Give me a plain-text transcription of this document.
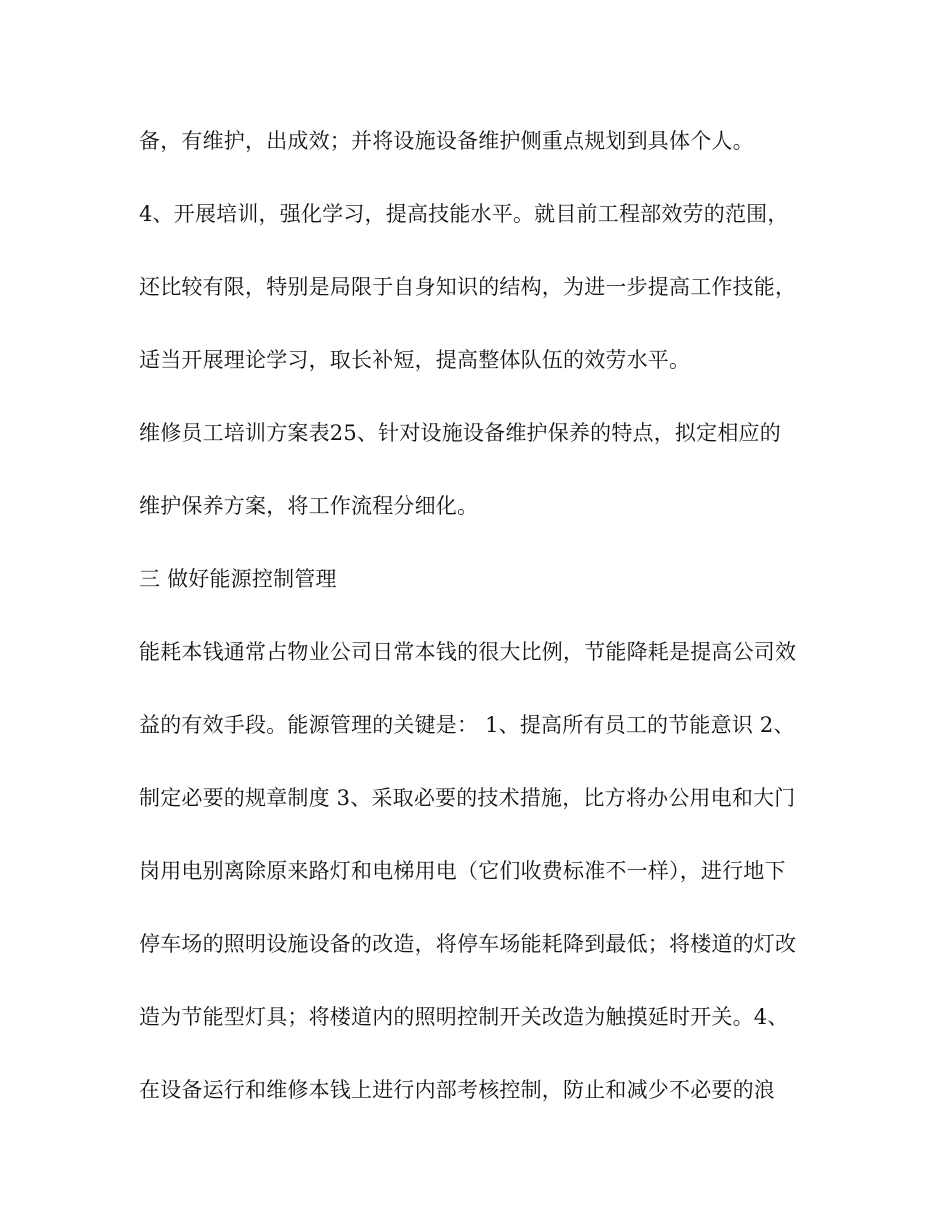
备，有维护，出成效；并将设施设备维护侧重点规划到具体个人。
4、开展培训，强化学习，提高技能水平。就目前工程部效劳的范围，
还比较有限，特别是局限于自身知识的结构，为进一步提高工作技能，
适当开展理论学习，取长补短，提高整体队伍的效劳水平。
维修员工培训方案表25、针对设施设备维护保养的特点，拟定相应的
维护保养方案，将工作流程分细化。
三 做好能源控制管理
能耗本钱通常占物业公司日常本钱的很大比例，节能降耗是提高公司效
益的有效手段。能源管理的关键是： 1、提高所有员工的节能意识 2、
制定必要的规章制度 3、采取必要的技术措施，比方将办公用电和大门
岗用电别离除原来路灯和电梯用电（它们收费标准不一样），进行地下
停车场的照明设施设备的改造，将停车场能耗降到最低；将楼道的灯改
造为节能型灯具；将楼道内的照明控制开关改造为触摸延时开关。4、
在设备运行和维修本钱上进行内部考核控制，防止和减少不必要的浪
